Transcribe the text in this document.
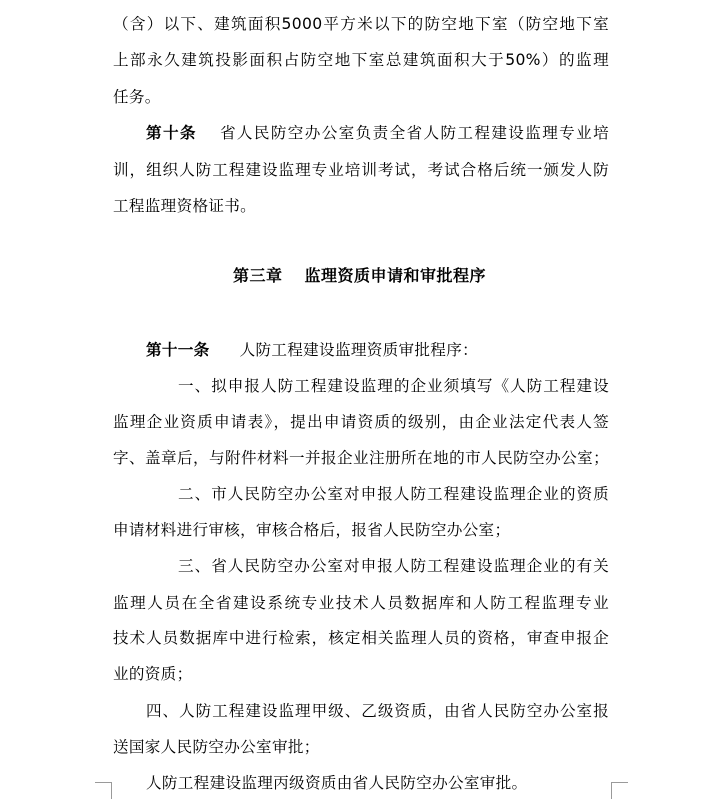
（含）以下、建筑面积5000平方米以下的防空地下室（防空地下室
上部永久建筑投影面积占防空地下室总建筑面积大于50%）的监理
任务。
第十条 省人民防空办公室负责全省人防工程建设监理专业培
训，组织人防工程建设监理专业培训考试，考试合格后统一颁发人防
工程监理资格证书。
第三章 监理资质申请和审批程序
第十一条 人防工程建设监理资质审批程序：
一、拟申报人防工程建设监理的企业须填写《人防工程建设
监理企业资质申请表》，提出申请资质的级别，由企业法定代表人签
字、盖章后，与附件材料一并报企业注册所在地的市人民防空办公室；
二、市人民防空办公室对申报人防工程建设监理企业的资质
申请材料进行审核，审核合格后，报省人民防空办公室；
三、省人民防空办公室对申报人防工程建设监理企业的有关
监理人员在全省建设系统专业技术人员数据库和人防工程监理专业
技术人员数据库中进行检索，核定相关监理人员的资格，审查申报企
业的资质；
四、人防工程建设监理甲级、乙级资质，由省人民防空办公室报
送国家人民防空办公室审批；
人防工程建设监理丙级资质由省人民防空办公室审批。
